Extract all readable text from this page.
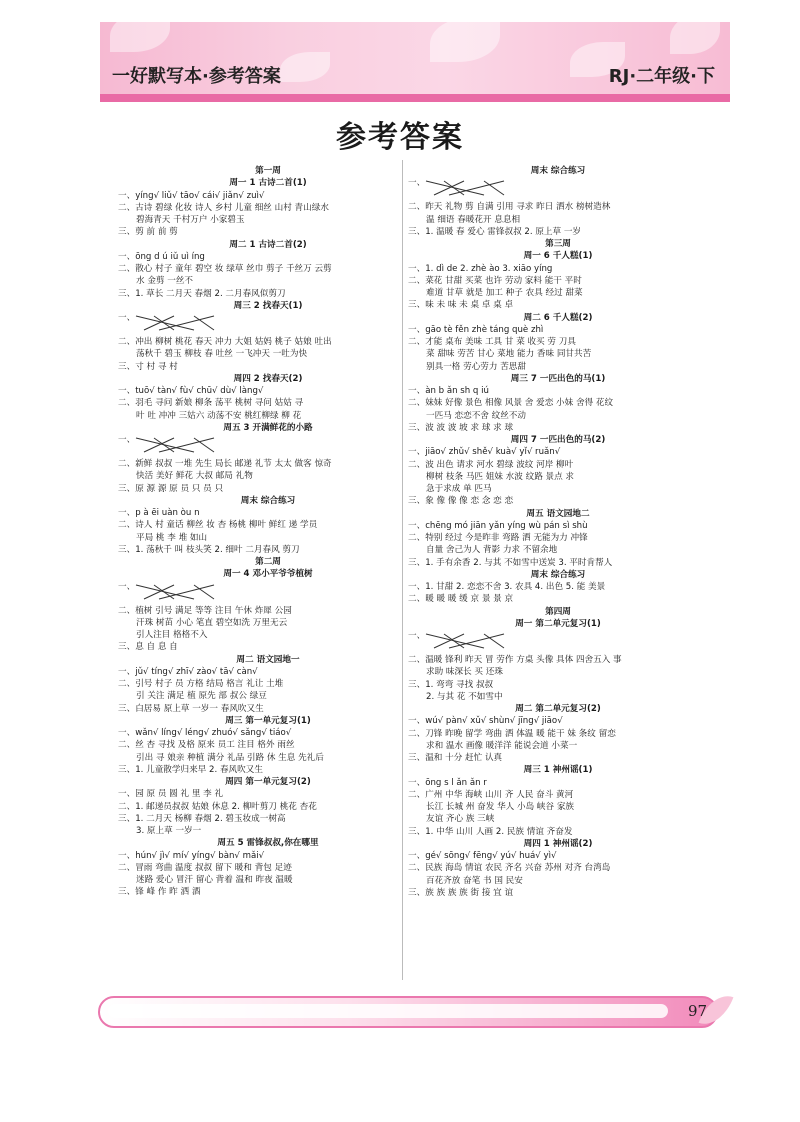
一好默写本·参考答案	RJ·二年级·下
参考答案
第一周
周一 1 古诗二首(1)
一、yíng√ liǔ√ tāo√ cái√ jiǎn√ zuì√
二、古诗 碧绿 化妆 诗人 乡村 儿童 细丝 山村 青山绿水
碧海青天 千村万户 小家碧玉
三、剪 前 前 剪
周二 1 古诗二首(2)
一、ōng d ú iǔ uì íng
二、散心 村子 童年 碧空 妆 绿草 丝巾 剪子 千丝万 云剪
水 金剪 一丝不
三、1. 草长 二月天 春烟 2. 二月春风似剪刀
周三 2 找春天(1)
一、
二、冲出 柳树 桃花 春天 冲力 大姐 姑妈 桃子 姑娘 吐出
荡秋千 碧玉 柳枝 春 吐丝 一飞冲天 一吐为快
三、寸 村 寻 村
周四 2 找春天(2)
一、tuō√ tàn√ fù√ chū√ dù√ làng√
二、羽毛 寻问 新娘 柳条 荡平 桃树 寻问 姑姑 寻
叶 吐 冲冲 三姑六 动荡不安 桃红柳绿 柳 花
周五 3 开满鲜花的小路
一、
二、新鲜 叔叔 一堆 先生 局长 邮递 礼节 太太 做客 惊奇
快活 美好 鲜花 大叔 邮局 礼物
三、原 源 源 原 员 只 员 只
周末 综合练习
一、p à ēi uàn òu n
二、诗人 村 童话 柳丝 妆 杏 杨桃 柳叶 鲜红 递 学员
平局 桃 李 堆 如山
三、1. 荡秋千 叫 枝头笑 2. 细叶 二月春风 剪刀
第二周
周一 4 邓小平爷爷植树
一、
二、植树 引号 满足 等等 注目 午休 炸犀 公园
汗珠 树苗 小心 笔直 碧空如洗 万里无云
引人注目 格格不入
三、息 自 息 自
周二 语文园地一
一、jǔ√ tíng√ zhī√ zào√ tā√ càn√
二、引号 村子 员 方格 结局 格言 礼让 土堆
引 关注 满足 植 原先 部 叔公 绿豆
三、白居易 原上草 一岁一 春风吹又生
周三 第一单元复习(1)
一、wǎn√ líng√ léng√ zhuó√ sǎng√ tiáo√
二、丝 杏 寻找 及格 原来 员工 注目 格外 雨丝
引出 寻 娘亲 种植 满分 礼品 引路 休 生息 先礼后
三、1. 儿童散学归来早 2. 春风吹又生
周四 第一单元复习(2)
一、园 原 员 圆 礼 里 李 礼
二、1. 邮递员叔叔 姑娘 休息 2. 柳叶剪刀 桃花 杏花
三、1. 二月天 杨柳 春烟 2. 碧玉妆成一树高
3. 原上草 一岁一
周五 5 雷锋叔叔,你在哪里
一、hún√ jì√ mí√ yíng√ bàn√ mǎi√
二、冒雨 弯曲 温度 叔叔 留下 暖和 背包 足迹
迷路 爱心 冒汗 留心 背着 温和 昨夜 温暖
三、锋 峰 作 昨 洒 酒
周末 综合练习
一、
二、昨天 礼物 剪 自满 引用 寻求 昨日 洒水 榜树造林
温 细语 春暖花开 息息相
三、1. 温暖 春 爱心 雷锋叔叔 2. 原上草 一岁
第三周
周一 6 千人糕(1)
一、1. dì de 2. zhè ào 3. xiāo yíng
二、菜花 甘甜 买菜 也许 劳动 家料 能干 平时
难道 甘草 就是 加工 种子 农具 经过 甜菜
三、味 未 味 未 桌 卓 桌 卓
周二 6 千人糕(2)
一、gāo tè fěn zhè táng què zhì
二、才能 桌布 美味 工具 甘 菜 收买 劳 刀具
菜 甜味 劳苦 甘心 菜地 能力 香味 同甘共苦
别具一格 劳心劳力 苦思甜
周三 7 一匹出色的马(1)
一、àn b ǎn sh q iú
二、妹妹 好像 景色 相像 风景 舍 爱恋 小妹 舍得 花纹
一匹马 恋恋不舍 纹丝不动
三、波 波 波 坡 求 球 求 球
周四 7 一匹出色的马(2)
一、jiāo√ zhǔ√ shě√ kuà√ yǐ√ ruǎn√
二、波 出色 请求 河水 碧绿 波纹 河岸 柳叶
柳树 枝条 马匹 姐妹 水波 纹路 景点 求
急于求成 单 匹马
三、象 像 像 像 恋 念 恋 恋
周五 语文园地二
一、chēng mó jiān yǎn yíng wù pán sì shù
二、特别 经过 今是昨非 弯路 洒 无能为力 冲锋
自量 舍己为人 背影 力求 不留余地
三、1. 手有余香 2. 与其 不如雪中送炭 3. 平时肯帮人
周末 综合练习
一、1. 甘甜 2. 恋恋不舍 3. 农具 4. 出色 5. 能 美景
二、暖 暖 暖 缓 京 景 景 京
第四周
周一 第二单元复习(1)
一、
二、温暖 锋利 昨天 冒 劳作 方桌 头像 具体 四舍五入 事
求助 味深长 买 还珠
三、1. 弯弯 寻找 叔叔
2. 与其 花 不如雪中
周二 第二单元复习(2)
一、wú√ pàn√ xǔ√ shùn√ jīng√ jiāo√
二、刀锋 昨晚 留学 弯曲 洒 体温 暖 能干 妹 条纹 留恋
求和 温水 画像 暖洋洋 能说会道 小菜一
三、温和 十分 赶忙 认真
周三 1 神州谣(1)
一、ōng s l ǎn ǎn r
二、广州 中华 海峡 山川 齐 人民 奋斗 黄河
长江 长城 州 奋发 华人 小岛 峡谷 家族
友谊 齐心 族 三峡
三、1. 中华 山川 人画 2. 民族 情谊 齐奋发
周四 1 神州谣(2)
一、gé√ sōng√ fēng√ yú√ huá√ yì√
二、民族 海岛 情谊 农民 齐名 兴奋 苏州 对齐 台湾岛
百花齐放 奋笔 书 国 民安
三、族 族 族 族 街 接 宜 谊
97
